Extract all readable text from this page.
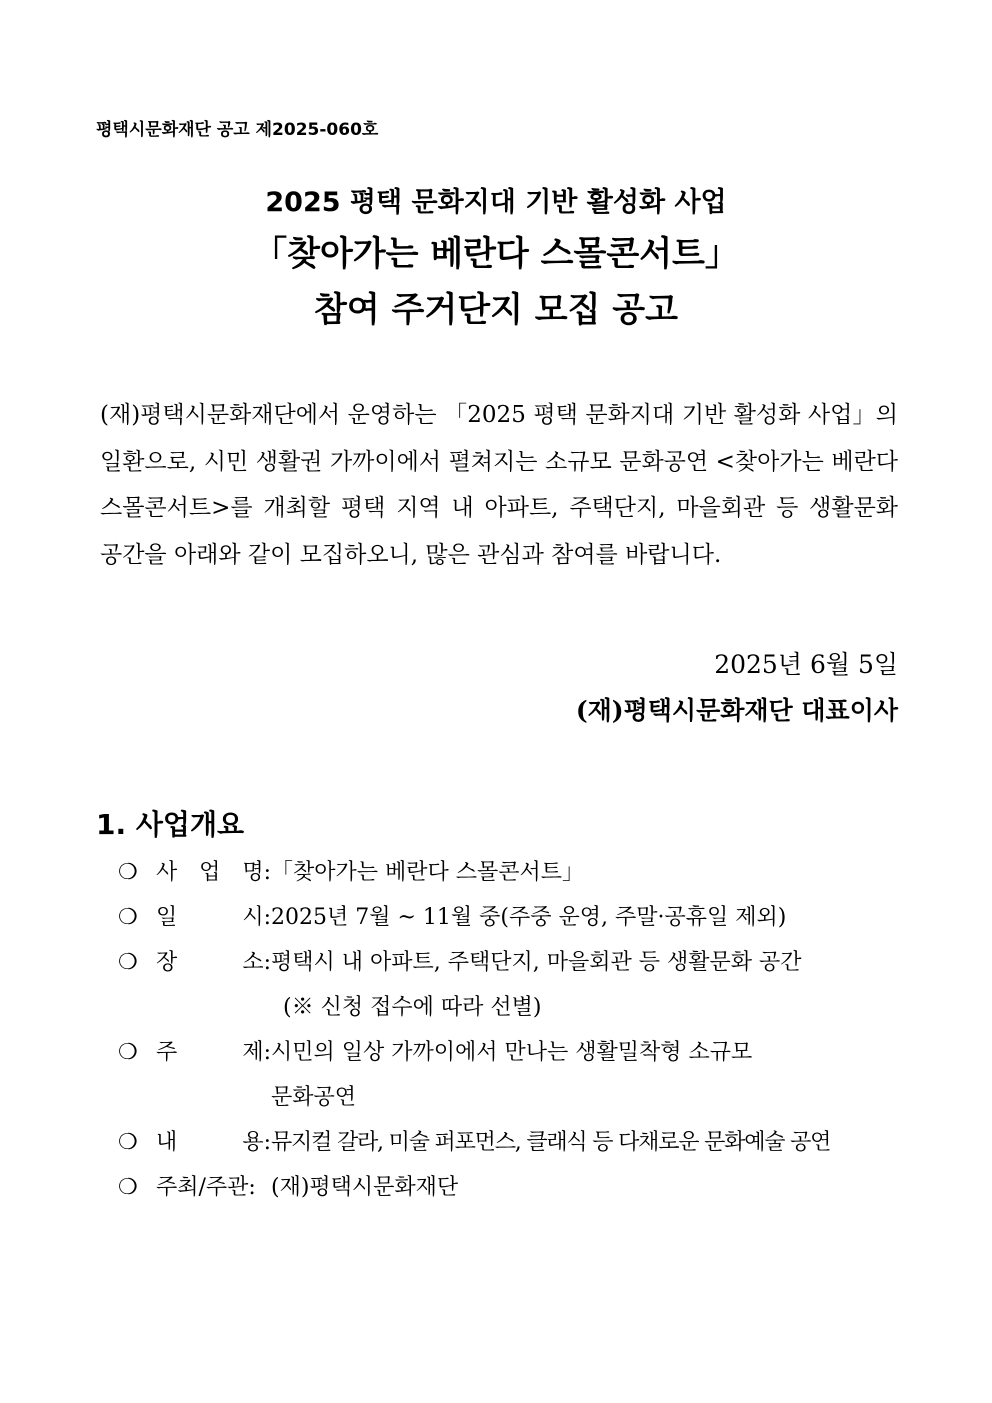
평택시문화재단 공고 제2025-060호
2025 평택 문화지대 기반 활성화 사업
「찾아가는 베란다 스몰콘서트」
참여 주거단지 모집 공고
(재)평택시문화재단에서 운영하는 「2025 평택 문화지대 기반 활성화 사업」의 일환으로, 시민 생활권 가까이에서 펼쳐지는 소규모 문화공연 <찾아가는 베란다 스몰콘서트>를 개최할 평택 지역 내 아파트, 주택단지, 마을회관 등 생활문화 공간을 아래와 같이 모집하오니, 많은 관심과 참여를 바랍니다.
2025년 6월 5일
(재)평택시문화재단 대표이사
1. 사업개요
❍ 사 업 명: 「찾아가는 베란다 스몰콘서트」
❍ 일	시: 2025년 7월 ~ 11월 중(주중 운영, 주말·공휴일 제외)
❍ 장	소: 평택시 내 아파트, 주택단지, 마을회관 등 생활문화 공간
(※ 신청 접수에 따라 선별)
❍ 주	제: 시민의 일상 가까이에서 만나는 생활밀착형 소규모
문화공연
❍ 내	용: 뮤지컬 갈라, 미술 퍼포먼스, 클래식 등 다채로운 문화예술 공연
❍ 주최/주관: (재)평택시문화재단
